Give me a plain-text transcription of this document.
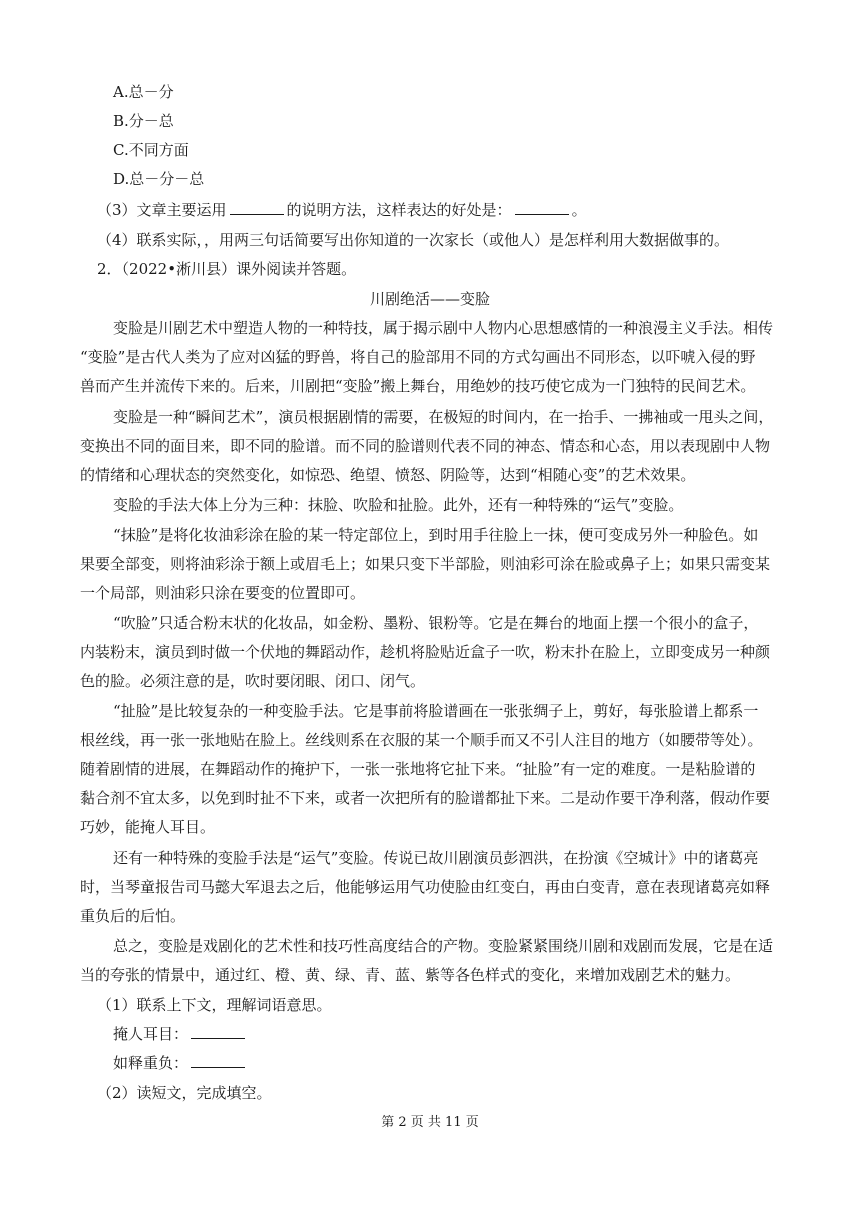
A.总－分
B.分－总
C.不同方面
D.总－分－总
（3）文章主要运用	的说明方法，这样表达的好处是：	。
（4）联系实际，，用两三句话简要写出你知道的一次家长（或他人）是怎样利用大数据做事的。
2．（2022•淅川县）课外阅读并答题。
川剧绝活——变脸
变脸是川剧艺术中塑造人物的一种特技，属于揭示剧中人物内心思想感情的一种浪漫主义手法。相传
“变脸”是古代人类为了应对凶猛的野兽，将自己的脸部用不同的方式勾画出不同形态，以吓唬入侵的野
兽而产生并流传下来的。后来，川剧把“变脸”搬上舞台，用绝妙的技巧使它成为一门独特的民间艺术。
变脸是一种“瞬间艺术”，演员根据剧情的需要，在极短的时间内，在一抬手、一拂袖或一甩头之间，
变换出不同的面目来，即不同的脸谱。而不同的脸谱则代表不同的神态、情态和心态，用以表现剧中人物
的情绪和心理状态的突然变化，如惊恐、绝望、愤怒、阴险等，达到“相随心变”的艺术效果。
变脸的手法大体上分为三种：抹脸、吹脸和扯脸。此外，还有一种特殊的“运气”变脸。
“抹脸”是将化妆油彩涂在脸的某一特定部位上，到时用手往脸上一抹，便可变成另外一种脸色。如
果要全部变，则将油彩涂于额上或眉毛上；如果只变下半部脸，则油彩可涂在脸或鼻子上；如果只需变某
一个局部，则油彩只涂在要变的位置即可。
“吹脸”只适合粉末状的化妆品，如金粉、墨粉、银粉等。它是在舞台的地面上摆一个很小的盒子，
内装粉末，演员到时做一个伏地的舞蹈动作，趁机将脸贴近盒子一吹，粉末扑在脸上，立即变成另一种颜
色的脸。必须注意的是，吹时要闭眼、闭口、闭气。
“扯脸”是比较复杂的一种变脸手法。它是事前将脸谱画在一张张绸子上，剪好，每张脸谱上都系一
根丝线，再一张一张地贴在脸上。丝线则系在衣服的某一个顺手而又不引人注目的地方（如腰带等处）。
随着剧情的进展，在舞蹈动作的掩护下，一张一张地将它扯下来。“扯脸”有一定的难度。一是粘脸谱的
黏合剂不宜太多，以免到时扯不下来，或者一次把所有的脸谱都扯下来。二是动作要干净利落，假动作要
巧妙，能掩人耳目。
还有一种特殊的变脸手法是“运气”变脸。传说已故川剧演员彭泗洪，在扮演《空城计》中的诸葛亮
时，当琴童报告司马懿大军退去之后，他能够运用气功使脸由红变白，再由白变青，意在表现诸葛亮如释
重负后的后怕。
总之，变脸是戏剧化的艺术性和技巧性高度结合的产物。变脸紧紧围绕川剧和戏剧而发展，它是在适
当的夸张的情景中，通过红、橙、黄、绿、青、蓝、紫等各色样式的变化，来增加戏剧艺术的魅力。
（1）联系上下文，理解词语意思。
掩人耳目：
如释重负：
（2）读短文，完成填空。
第 2 页 共 11 页
